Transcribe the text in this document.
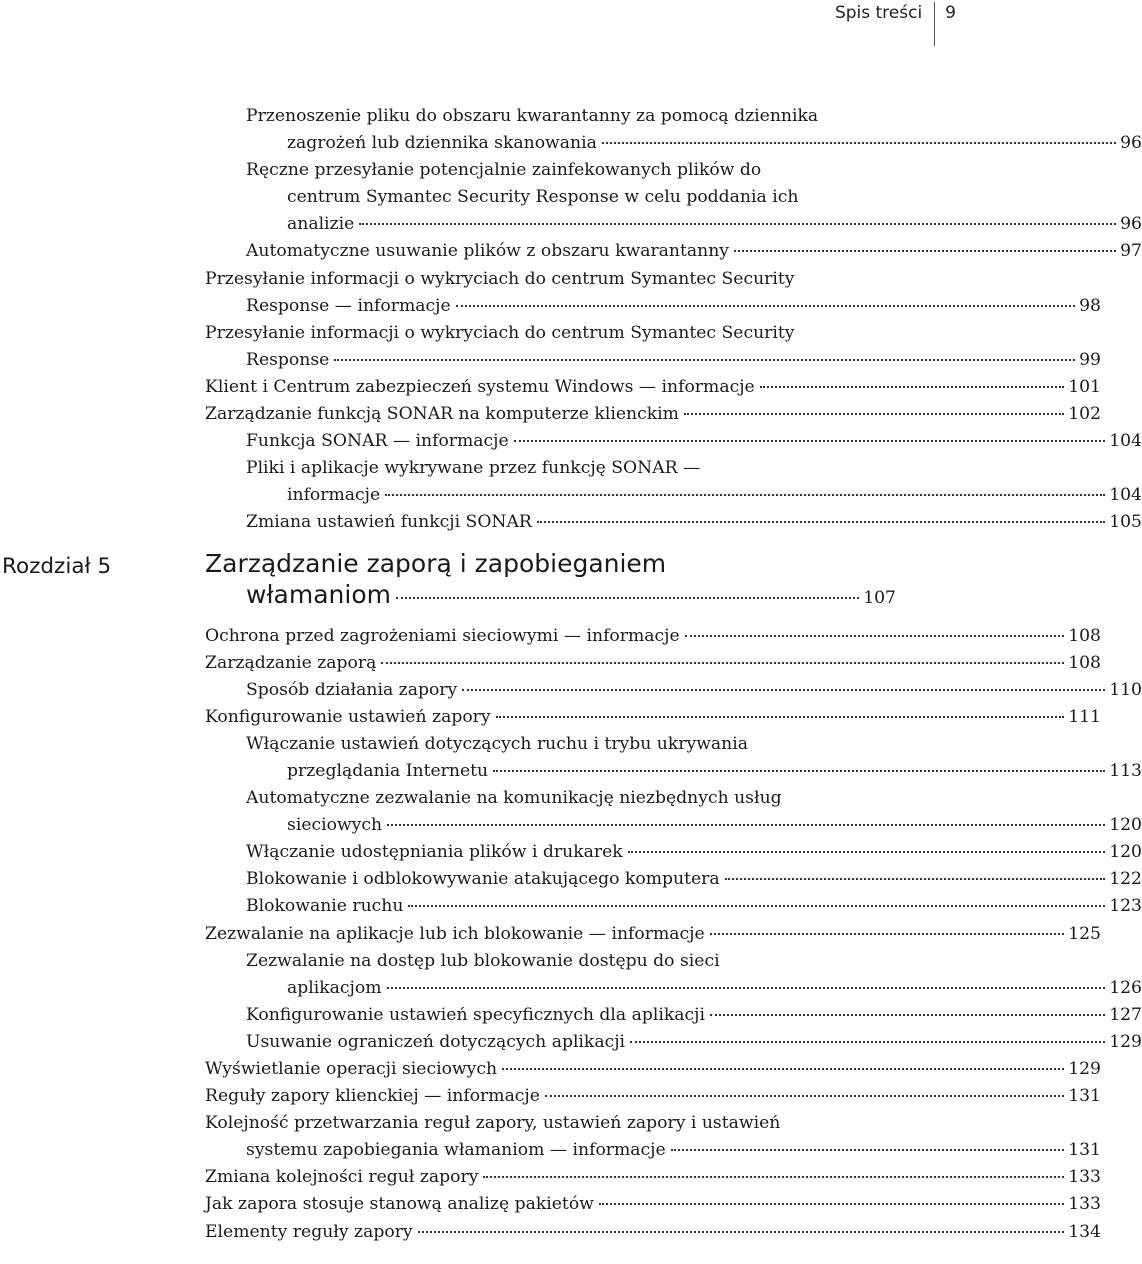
Spis treści 9
Przenoszenie pliku do obszaru kwarantanny za pomocą dziennika
zagrożeń lub dziennika skanowania	96
Ręczne przesyłanie potencjalnie zainfekowanych plików do
centrum Symantec Security Response w celu poddania ich
analizie	96
Automatyczne usuwanie plików z obszaru kwarantanny	97
Przesyłanie informacji o wykryciach do centrum Symantec Security
Response — informacje	98
Przesyłanie informacji o wykryciach do centrum Symantec Security
Response	99
Klient i Centrum zabezpieczeń systemu Windows — informacje	101
Zarządzanie funkcją SONAR na komputerze klienckim	102
Funkcja SONAR — informacje	104
Pliki i aplikacje wykrywane przez funkcję SONAR —
informacje	104
Zmiana ustawień funkcji SONAR	105
Rozdział 5	Zarządzanie zaporą i zapobieganiem
włamaniom	107
Ochrona przed zagrożeniami sieciowymi — informacje	108
Zarządzanie zaporą	108
Sposób działania zapory	110
Konfigurowanie ustawień zapory	111
Włączanie ustawień dotyczących ruchu i trybu ukrywania
przeglądania Internetu	113
Automatyczne zezwalanie na komunikację niezbędnych usług
sieciowych	120
Włączanie udostępniania plików i drukarek	120
Blokowanie i odblokowywanie atakującego komputera	122
Blokowanie ruchu	123
Zezwalanie na aplikacje lub ich blokowanie — informacje	125
Zezwalanie na dostęp lub blokowanie dostępu do sieci
aplikacjom	126
Konfigurowanie ustawień specyficznych dla aplikacji	127
Usuwanie ograniczeń dotyczących aplikacji	129
Wyświetlanie operacji sieciowych	129
Reguły zapory klienckiej — informacje	131
Kolejność przetwarzania reguł zapory, ustawień zapory i ustawień
systemu zapobiegania włamaniom — informacje	131
Zmiana kolejności reguł zapory	133
Jak zapora stosuje stanową analizę pakietów	133
Elementy reguły zapory	134
